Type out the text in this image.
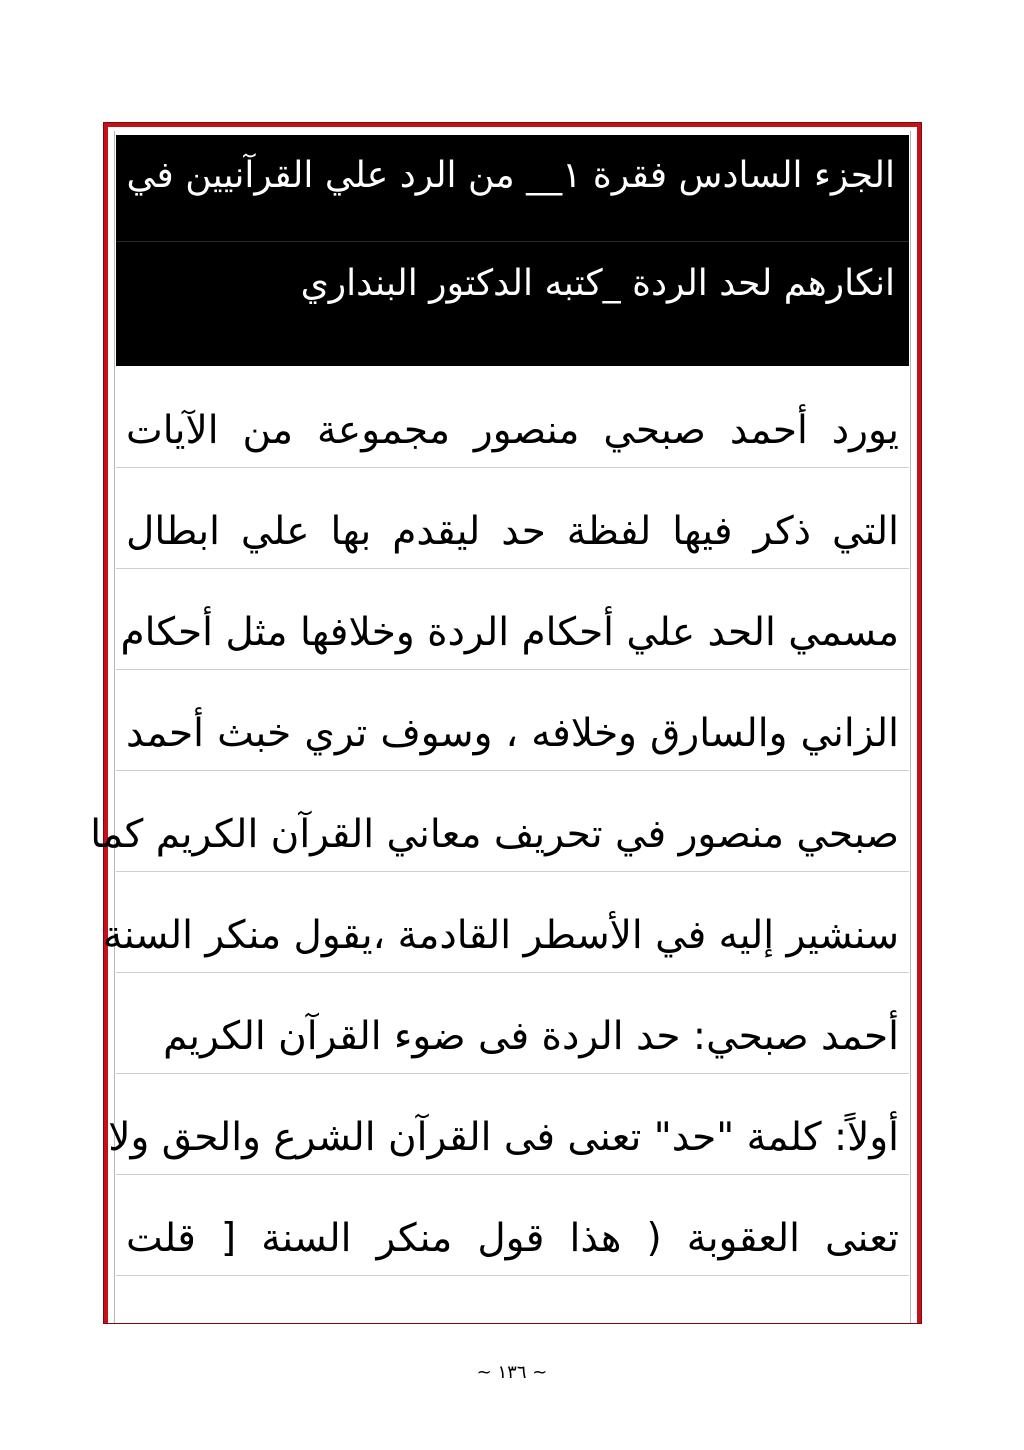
الجزء السادس فقرة ١__ من الرد علي القرآنيين في
انكارهم لحد الردة _كتبه الدكتور البنداري
يورد أحمد صبحي منصور مجموعة من الآيات
التي ذكر فيها لفظة حد ليقدم بها علي ابطال
مسمي الحد علي أحكام الردة وخلافها مثل أحكام
الزاني والسارق وخلافه ، وسوف تري خبث أحمد
صبحي منصور في تحريف معاني القرآن الكريم كما
سنشير إليه في الأسطر القادمة ،يقول منكر السنة
أحمد صبحي: حد الردة فى ضوء القرآن الكريم
أولاً: كلمة "حد" تعنى فى القرآن الشرع والحق ولا
تعنى العقوبة ( هذا قول منكر السنة [ قلت
~ ١٣٦ ~
